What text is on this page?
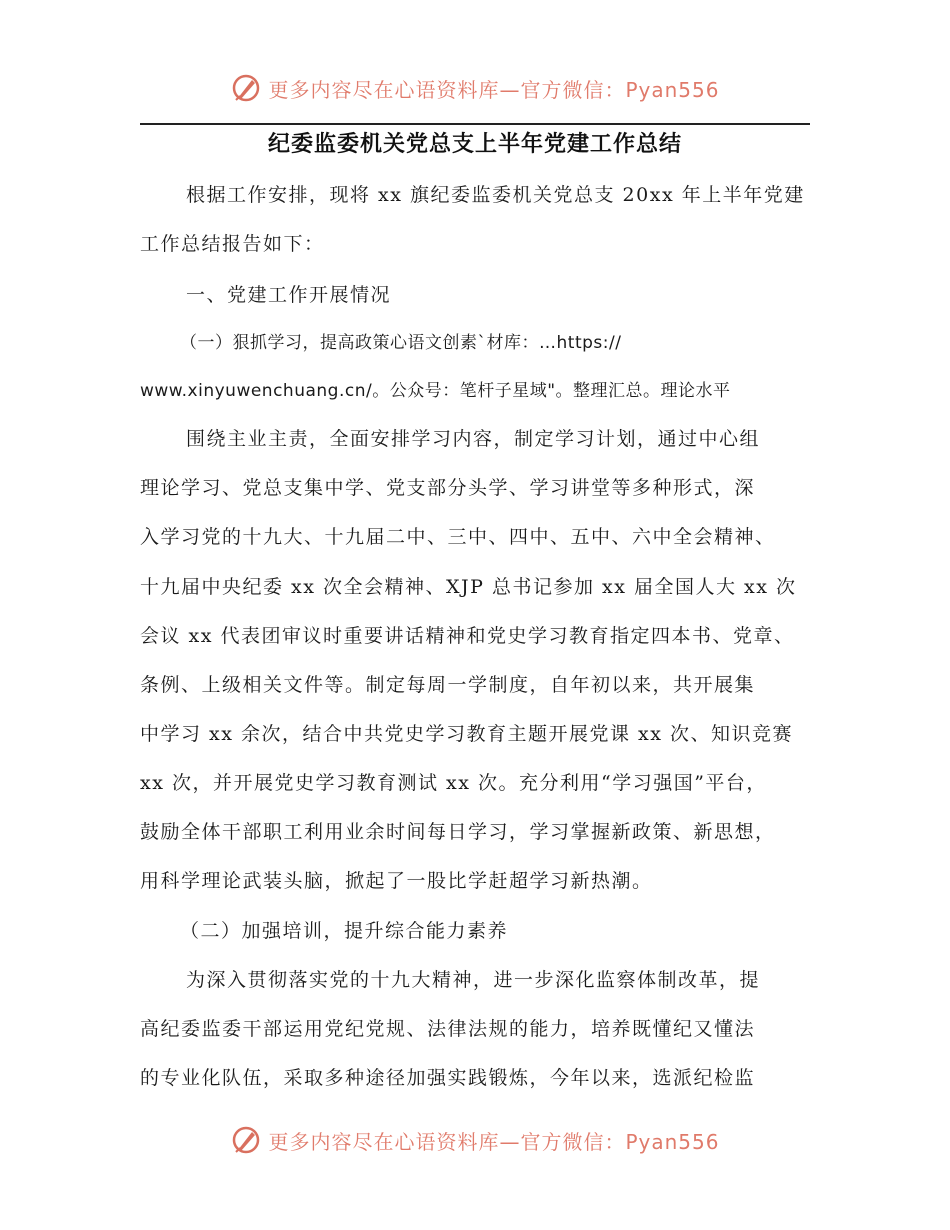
更多内容尽在心语资料库—官方微信：Pyan556
纪委监委机关党总支上半年党建工作总结
根据工作安排，现将 xx 旗纪委监委机关党总支 20xx 年上半年党建
工作总结报告如下：
一、党建工作开展情况
（一）狠抓学习，提高政策心语文创素`材库：…https://
www.xinyuwenchuang.cn/。公众号：笔杆子星域"。整理汇总。理论水平
围绕主业主责，全面安排学习内容，制定学习计划，通过中心组
理论学习、党总支集中学、党支部分头学、学习讲堂等多种形式，深
入学习党的十九大、十九届二中、三中、四中、五中、六中全会精神、
十九届中央纪委 xx 次全会精神、XJP 总书记参加 xx 届全国人大 xx 次
会议 xx 代表团审议时重要讲话精神和党史学习教育指定四本书、党章、
条例、上级相关文件等。制定每周一学制度，自年初以来，共开展集
中学习 xx 余次，结合中共党史学习教育主题开展党课 xx 次、知识竞赛
xx 次，并开展党史学习教育测试 xx 次。充分利用“学习强国”平台，
鼓励全体干部职工利用业余时间每日学习，学习掌握新政策、新思想，
用科学理论武装头脑，掀起了一股比学赶超学习新热潮。
（二）加强培训，提升综合能力素养
为深入贯彻落实党的十九大精神，进一步深化监察体制改革，提
高纪委监委干部运用党纪党规、法律法规的能力，培养既懂纪又懂法
的专业化队伍，采取多种途径加强实践锻炼，今年以来，选派纪检监
更多内容尽在心语资料库—官方微信：Pyan556
